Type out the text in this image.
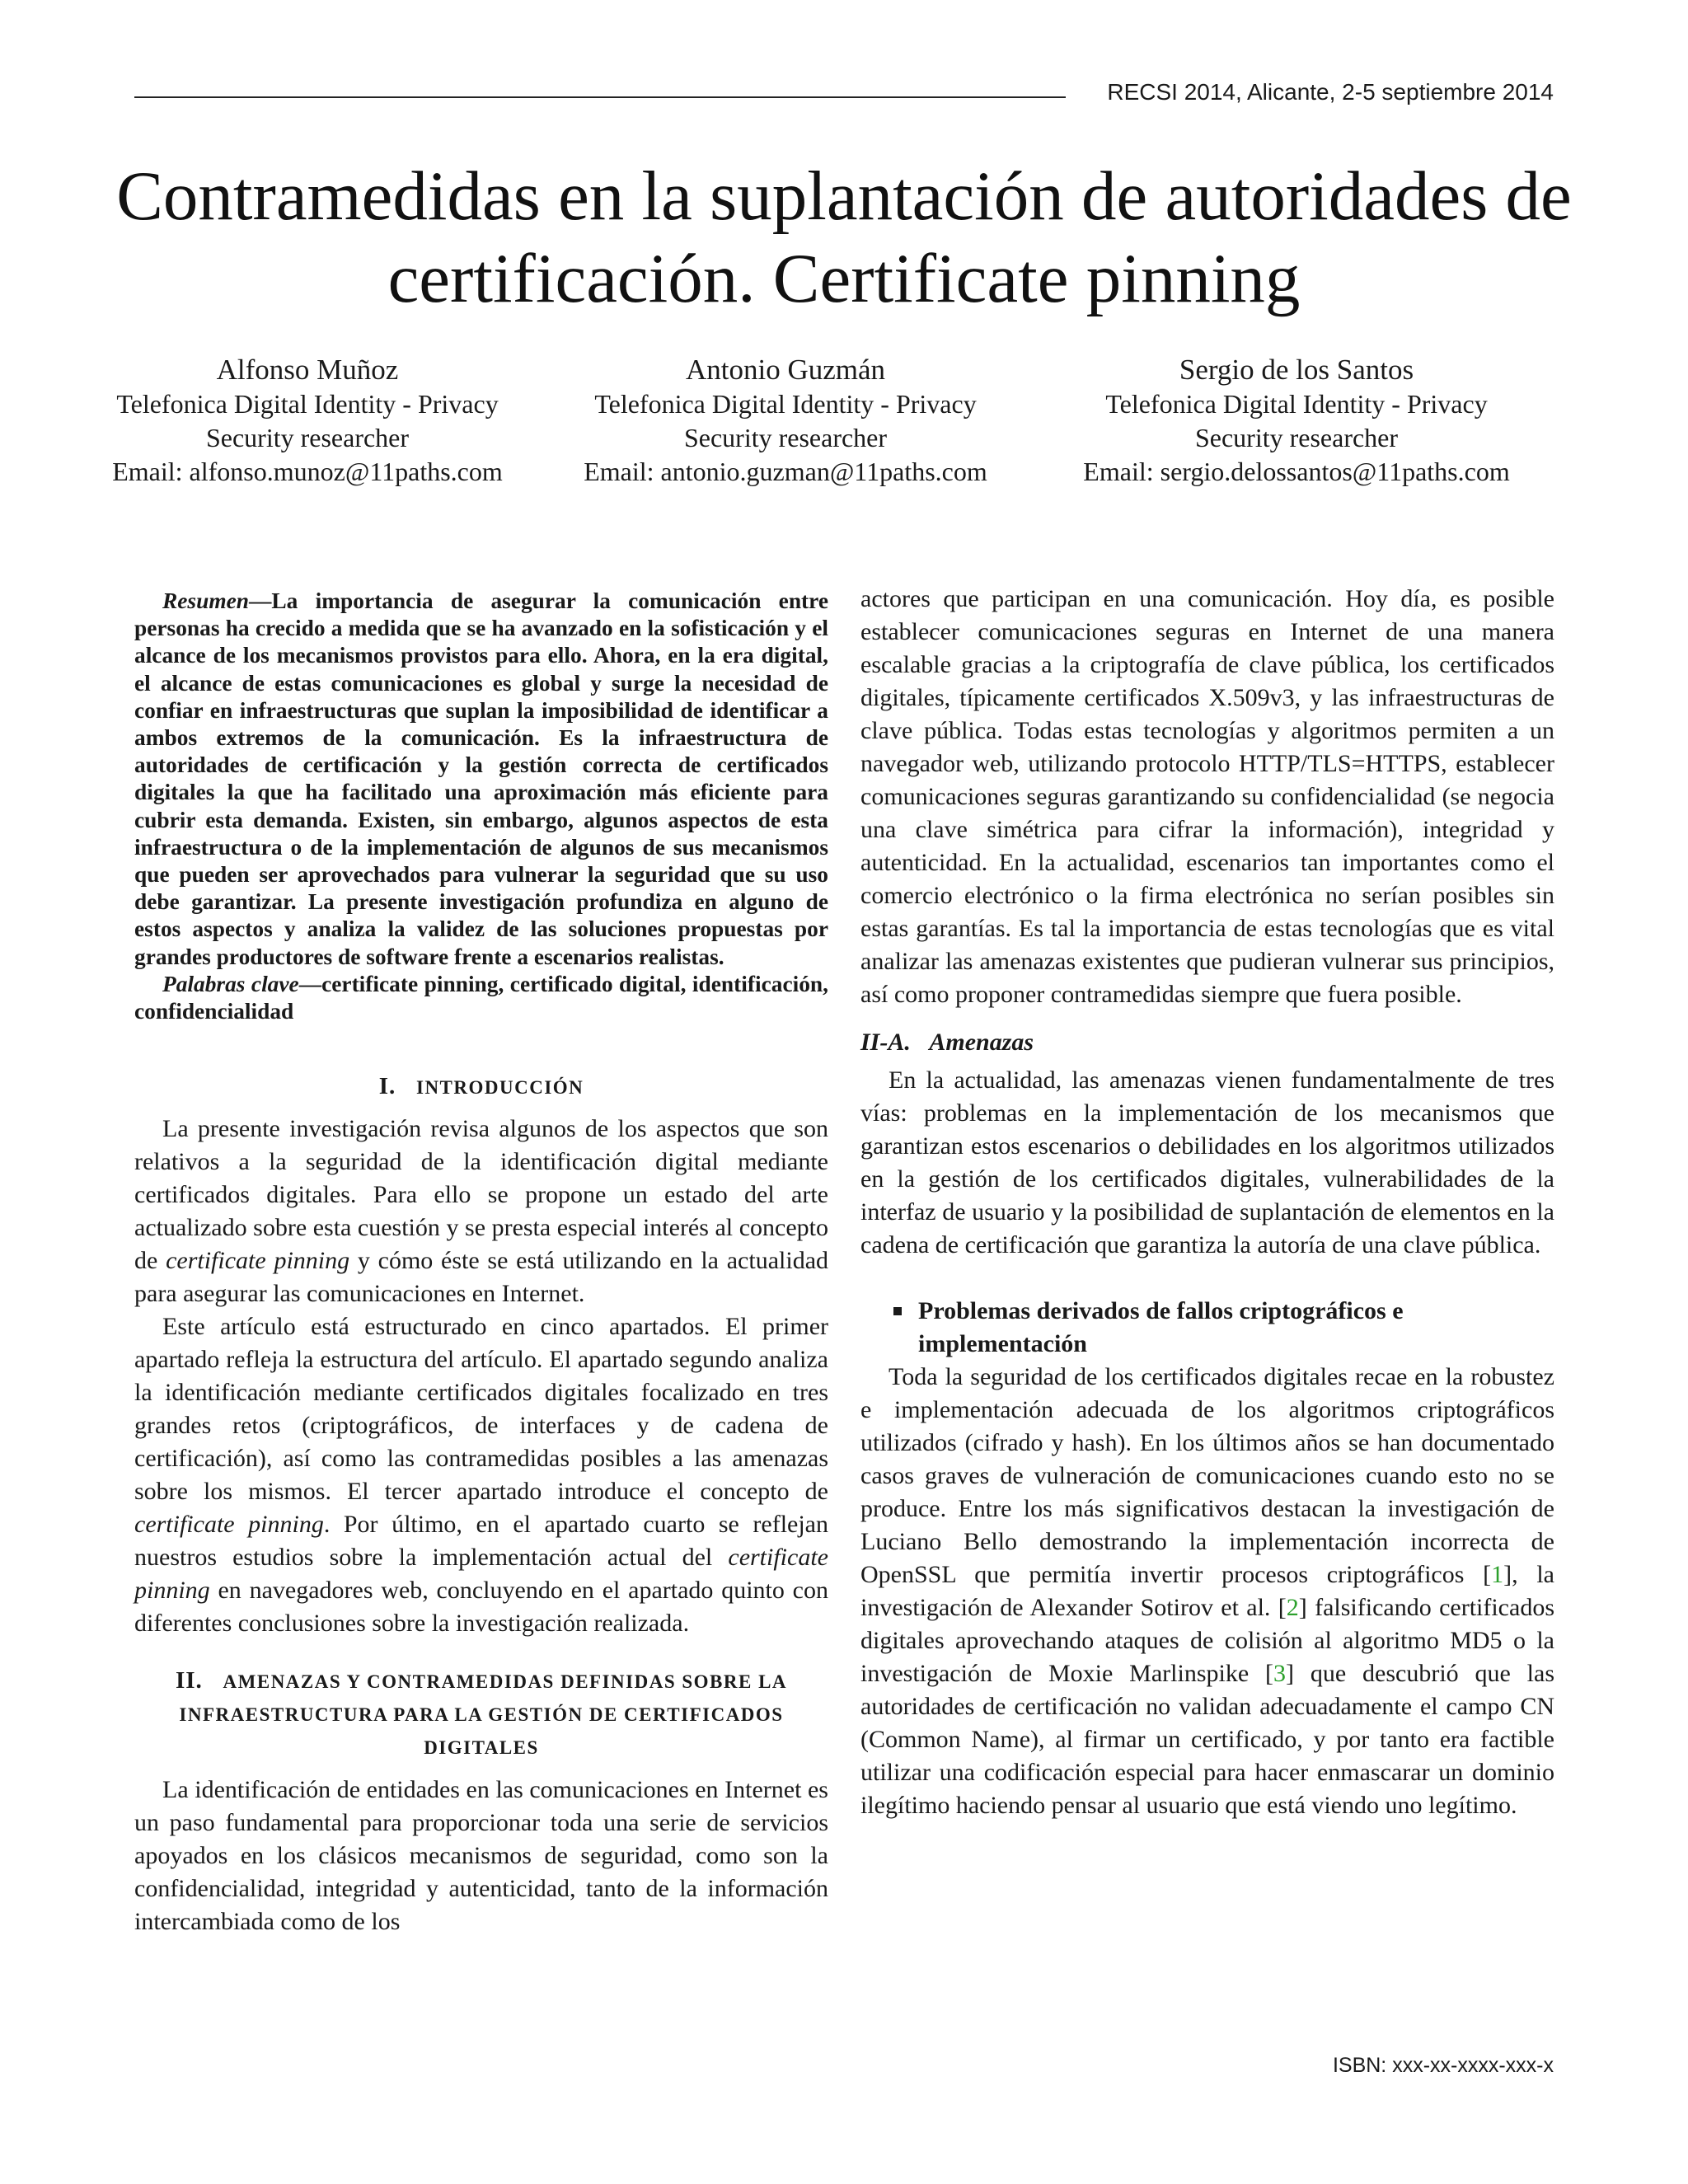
RECSI 2014, Alicante, 2-5 septiembre 2014
Contramedidas en la suplantación de autoridades de
certificación. Certificate pinning
Alfonso Muñoz
Telefonica Digital Identity - Privacy
Security researcher
Email: alfonso.munoz@11paths.com
Antonio Guzmán
Telefonica Digital Identity - Privacy
Security researcher
Email: antonio.guzman@11paths.com
Sergio de los Santos
Telefonica Digital Identity - Privacy
Security researcher
Email: sergio.delossantos@11paths.com

Resumen—La importancia de asegurar la comunicación entre personas ha crecido a medida que se ha avanzado en la sofisticación y el alcance de los mecanismos provistos para ello. Ahora, en la era digital, el alcance de estas comunicaciones es global y surge la necesidad de confiar en infraestructuras que suplan la imposibilidad de identificar a ambos extremos de la comunicación. Es la infraestructura de autoridades de certificación y la gestión correcta de certificados digitales la que ha facilitado una aproximación más eficiente para cubrir esta demanda. Existen, sin embargo, algunos aspectos de esta infraestructura o de la implementación de algunos de sus mecanismos que pueden ser aprovechados para vulnerar la seguridad que su uso debe garantizar. La presente investigación profundiza en alguno de estos aspectos y analiza la validez de las soluciones propuestas por grandes productores de software frente a escenarios realistas.

Palabras clave—certificate pinning, certificado digital, identificación, confidencialidad

I. INTRODUCCIÓN

La presente investigación revisa algunos de los aspectos que son relativos a la seguridad de la identificación digital mediante certificados digitales. Para ello se propone un estado del arte actualizado sobre esta cuestión y se presta especial interés al concepto de certificate pinning y cómo éste se está utilizando en la actualidad para asegurar las comunicaciones en Internet.

Este artículo está estructurado en cinco apartados. El primer apartado refleja la estructura del artículo. El apartado segundo analiza la identificación mediante certificados digitales focalizado en tres grandes retos (criptográficos, de interfaces y de cadena de certificación), así como las contramedidas posibles a las amenazas sobre los mismos. El tercer apartado introduce el concepto de certificate pinning. Por último, en el apartado cuarto se reflejan nuestros estudios sobre la implementación actual del certificate pinning en navegadores web, concluyendo en el apartado quinto con diferentes conclusiones sobre la investigación realizada.

II. AMENAZAS Y CONTRAMEDIDAS DEFINIDAS SOBRE LA
INFRAESTRUCTURA PARA LA GESTIÓN DE CERTIFICADOS
DIGITALES

La identificación de entidades en las comunicaciones en Internet es un paso fundamental para proporcionar toda una serie de servicios apoyados en los clásicos mecanismos de seguridad, como son la confidencialidad, integridad y autenticidad, tanto de la información intercambiada como de los

actores que participan en una comunicación. Hoy día, es posible establecer comunicaciones seguras en Internet de una manera escalable gracias a la criptografía de clave pública, los certificados digitales, típicamente certificados X.509v3, y las infraestructuras de clave pública. Todas estas tecnologías y algoritmos permiten a un navegador web, utilizando protocolo HTTP/TLS=HTTPS, establecer comunicaciones seguras garantizando su confidencialidad (se negocia una clave simétrica para cifrar la información), integridad y autenticidad. En la actualidad, escenarios tan importantes como el comercio electrónico o la firma electrónica no serían posibles sin estas garantías. Es tal la importancia de estas tecnologías que es vital analizar las amenazas existentes que pudieran vulnerar sus principios, así como proponer contramedidas siempre que fuera posible.

II-A. Amenazas

En la actualidad, las amenazas vienen fundamentalmente de tres vías: problemas en la implementación de los mecanismos que garantizan estos escenarios o debilidades en los algoritmos utilizados en la gestión de los certificados digitales, vulnerabilidades de la interfaz de usuario y la posibilidad de suplantación de elementos en la cadena de certificación que garantiza la autoría de una clave pública.

Problemas derivados de fallos criptográficos e implementación

Toda la seguridad de los certificados digitales recae en la robustez e implementación adecuada de los algoritmos criptográficos utilizados (cifrado y hash). En los últimos años se han documentado casos graves de vulneración de comunicaciones cuando esto no se produce. Entre los más significativos destacan la investigación de Luciano Bello demostrando la implementación incorrecta de OpenSSL que permitía invertir procesos criptográficos [1], la investigación de Alexander Sotirov et al. [2] falsificando certificados digitales aprovechando ataques de colisión al algoritmo MD5 o la investigación de Moxie Marlinspike [3] que descubrió que las autoridades de certificación no validan adecuadamente el campo CN (Common Name), al firmar un certificado, y por tanto era factible utilizar una codificación especial para hacer enmascarar un dominio ilegítimo haciendo pensar al usuario que está viendo uno legítimo.

ISBN: xxx-xx-xxxx-xxx-x
